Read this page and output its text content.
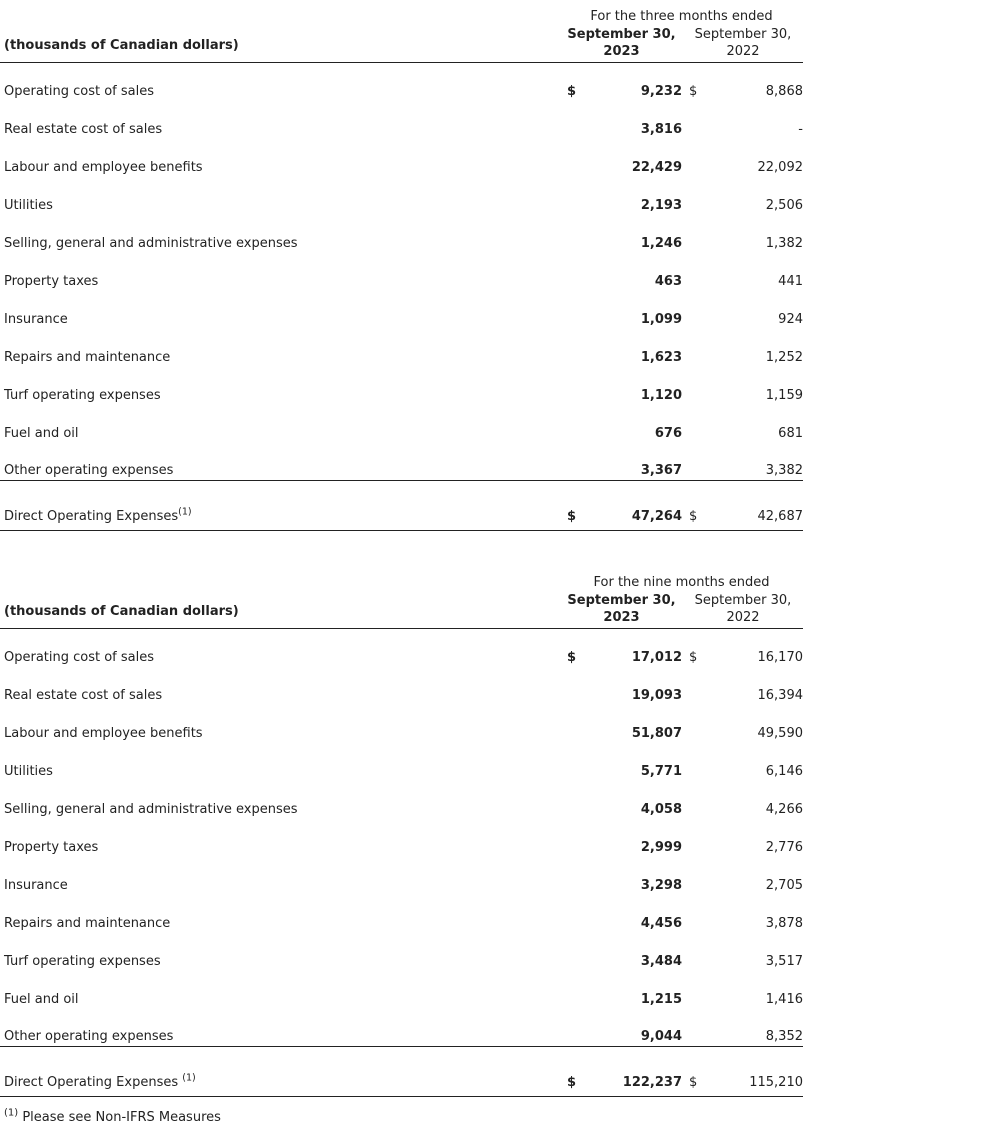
(thousands of Canadian dollars)
For the three months ended
September 30,
2023
September 30,
2022
Operating cost of sales	$	9,232 $	8,868
Real estate cost of sales	3,816	-
Labour and employee benefits	22,429	22,092
Utilities	2,193	2,506
Selling, general and administrative expenses	1,246	1,382
Property taxes	463	441
Insurance	1,099	924
Repairs and maintenance	1,623	1,252
Turf operating expenses	1,120	1,159
Fuel and oil	676	681
Other operating expenses	3,367	3,382
Direct Operating Expenses$^{(1)}$	$	47,264 $	42,687
(thousands of Canadian dollars)
For the nine months ended
September 30,
2023
September 30,
2022
Operating cost of sales	$	17,012 $	16,170
Real estate cost of sales	19,093	16,394
Labour and employee benefits	51,807	49,590
Utilities	5,771	6,146
Selling, general and administrative expenses	4,058	4,266
Property taxes	2,999	2,776
Insurance	3,298	2,705
Repairs and maintenance	4,456	3,878
Turf operating expenses	3,484	3,517
Fuel and oil	1,215	1,416
Other operating expenses	9,044	8,352
Direct Operating Expenses $^{(1)}$	$	122,237 $	115,210
$^{(1)}$ Please see Non-IFRS Measures
